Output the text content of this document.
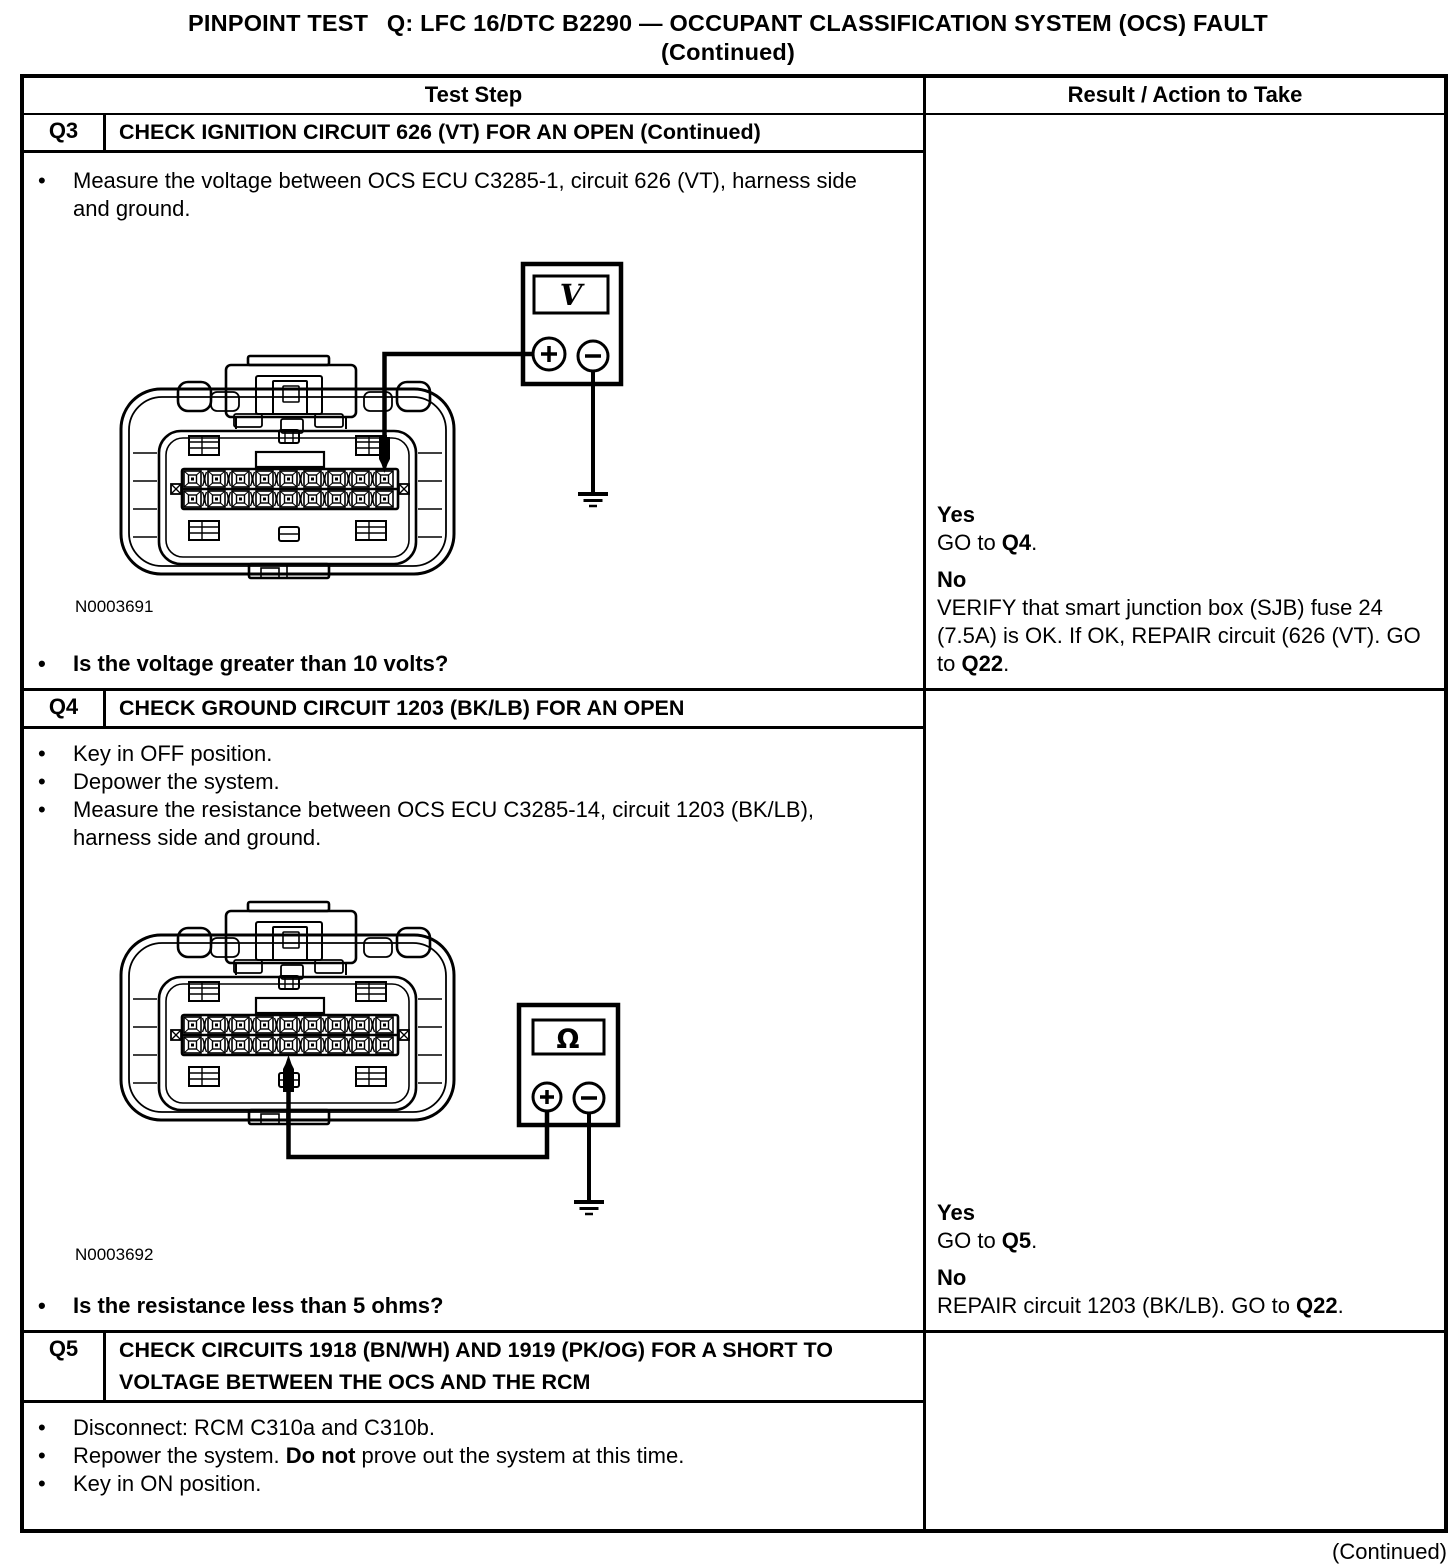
PINPOINT TEST  Q: LFC 16/DTC B2290 — OCCUPANT CLASSIFICATION SYSTEM (OCS) FAULT
(Continued)
Test Step	Result / Action to Take
Q3	CHECK IGNITION CIRCUIT 626 (VT) FOR AN OPEN (Continued)
• Measure the voltage between OCS ECU C3285-1, circuit 626 (VT), harness side and ground.
V
N0003691
• Is the voltage greater than 10 volts?
Yes
GO to Q4.
No
VERIFY that smart junction box (SJB) fuse 24 (7.5A) is OK. If OK, REPAIR circuit (626 (VT). GO to Q22.
Q4	CHECK GROUND CIRCUIT 1203 (BK/LB) FOR AN OPEN
• Key in OFF position.
• Depower the system.
• Measure the resistance between OCS ECU C3285-14, circuit 1203 (BK/LB), harness side and ground.
Ω
N0003692
• Is the resistance less than 5 ohms?
Yes
GO to Q5.
No
REPAIR circuit 1203 (BK/LB). GO to Q22.
Q5	CHECK CIRCUITS 1918 (BN/WH) AND 1919 (PK/OG) FOR A SHORT TO VOLTAGE BETWEEN THE OCS AND THE RCM
• Disconnect: RCM C310a and C310b.
• Repower the system. Do not prove out the system at this time.
• Key in ON position.
(Continued)
